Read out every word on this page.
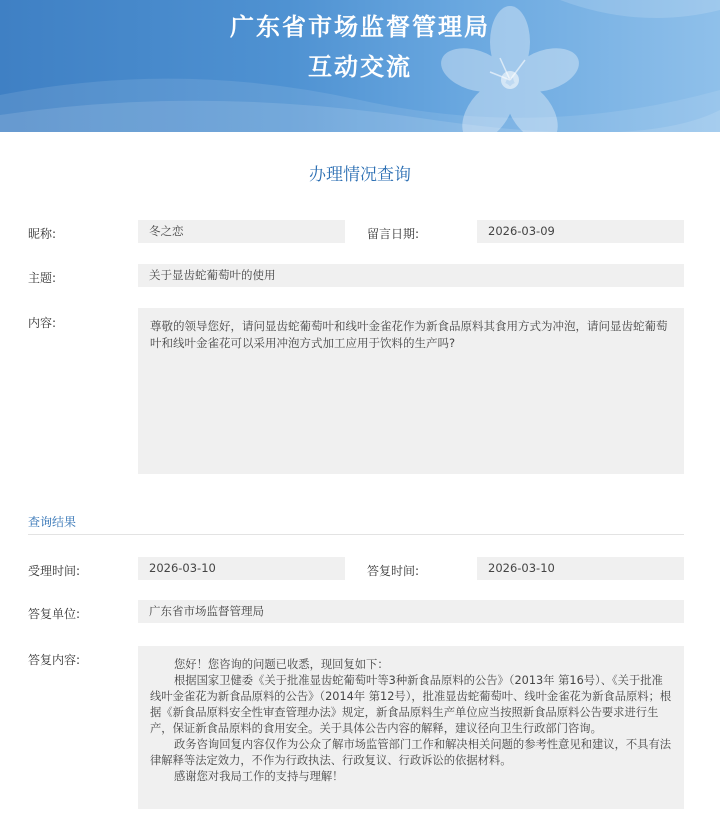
广东省市场监督管理局
互动交流
办理情况查询
昵称:	冬之恋	留言日期:	2026-03-09
主题:	关于显齿蛇葡萄叶的使用
内容:	尊敬的领导您好，请问显齿蛇葡萄叶和线叶金雀花作为新食品原料其食用方式为冲泡，请问显齿蛇葡萄叶和线叶金雀花可以采用冲泡方式加工应用于饮料的生产吗?
查询结果
受理时间:	2026-03-10	答复时间:	2026-03-10
答复单位:	广东省市场监督管理局
答复内容:	您好！您咨询的问题已收悉，现回复如下：

根据国家卫健委《关于批准显齿蛇葡萄叶等3种新食品原料的公告》（2013年 第16号）、《关于批准线叶金雀花为新食品原料的公告》（2014年 第12号），批准显齿蛇葡萄叶、线叶金雀花为新食品原料；根据《新食品原料安全性审查管理办法》规定，新食品原料生产单位应当按照新食品原料公告要求进行生产，保证新食品原料的食用安全。关于具体公告内容的解释，建议径向卫生行政部门咨询。

政务咨询回复内容仅作为公众了解市场监管部门工作和解决相关问题的参考性意见和建议，不具有法律解释等法定效力，不作为行政执法、行政复议、行政诉讼的依据材料。

感谢您对我局工作的支持与理解！
